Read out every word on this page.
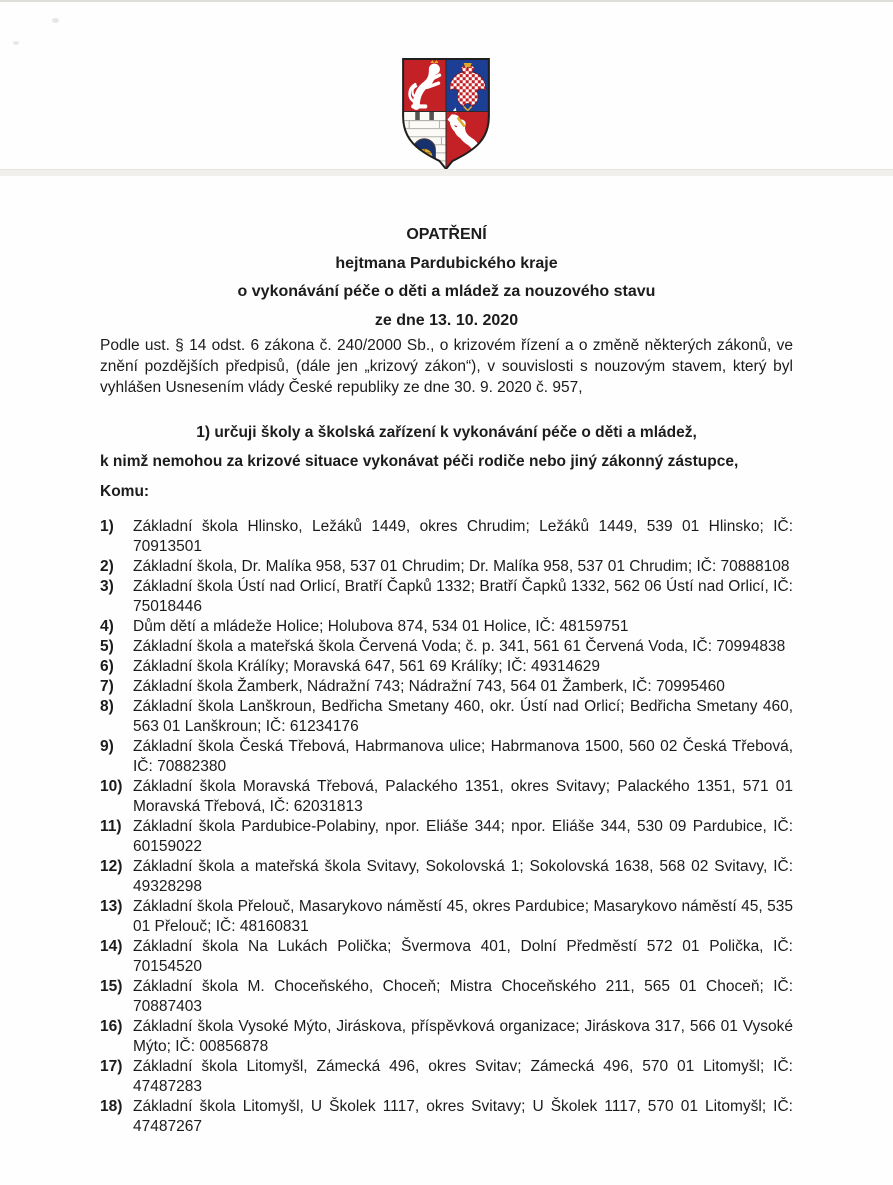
OPATŘENÍ
hejtmana Pardubického kraje
o vykonávání péče o děti a mládež za nouzového stavu
ze dne 13. 10. 2020

Podle ust. § 14 odst. 6 zákona č. 240/2000 Sb., o krizovém řízení a o změně některých zákonů, ve znění pozdějších předpisů, (dále jen „krizový zákon“), v souvislosti s nouzovým stavem, který byl vyhlášen Usnesením vlády České republiky ze dne 30. 9. 2020 č. 957,

1) určuji školy a školská zařízení k vykonávání péče o děti a mládež,

k nimž nemohou za krizové situace vykonávat péči rodiče nebo jiný zákonný zástupce,

Komu:

1)	Základní škola Hlinsko, Ležáků 1449, okres Chrudim; Ležáků 1449, 539 01 Hlinsko; IČ: 70913501
2)	Základní škola, Dr. Malíka 958, 537 01 Chrudim; Dr. Malíka 958, 537 01 Chrudim; IČ: 70888108
3)	Základní škola Ústí nad Orlicí, Bratří Čapků 1332; Bratří Čapků 1332, 562 06 Ústí nad Orlicí, IČ: 75018446
4)	Dům dětí a mládeže Holice; Holubova 874, 534 01 Holice, IČ: 48159751
5)	Základní škola a mateřská škola Červená Voda; č. p. 341, 561 61 Červená Voda, IČ: 70994838
6)	Základní škola Králíky; Moravská 647, 561 69 Králíky; IČ: 49314629
7)	Základní škola Žamberk, Nádražní 743; Nádražní 743, 564 01 Žamberk, IČ: 70995460
8)	Základní škola Lanškroun, Bedřicha Smetany 460, okr. Ústí nad Orlicí; Bedřicha Smetany 460, 563 01 Lanškroun; IČ: 61234176
9)	Základní škola Česká Třebová, Habrmanova ulice; Habrmanova 1500, 560 02 Česká Třebová, IČ: 70882380
10) Základní škola Moravská Třebová, Palackého 1351, okres Svitavy; Palackého 1351, 571 01 Moravská Třebová, IČ: 62031813
11) Základní škola Pardubice-Polabiny, npor. Eliáše 344; npor. Eliáše 344, 530 09 Pardubice, IČ: 60159022
12) Základní škola a mateřská škola Svitavy, Sokolovská 1; Sokolovská 1638, 568 02 Svitavy, IČ: 49328298
13) Základní škola Přelouč, Masarykovo náměstí 45, okres Pardubice; Masarykovo náměstí 45, 535 01 Přelouč; IČ: 48160831
14) Základní škola Na Lukách Polička; Švermova 401, Dolní Předměstí 572 01 Polička, IČ: 70154520
15) Základní škola M. Choceňského, Choceň; Mistra Choceňského 211, 565 01 Choceň; IČ: 70887403
16) Základní škola Vysoké Mýto, Jiráskova, příspěvková organizace; Jiráskova 317, 566 01 Vysoké Mýto; IČ: 00856878
17) Základní škola Litomyšl, Zámecká 496, okres Svitav; Zámecká 496, 570 01 Litomyšl; IČ: 47487283
18) Základní škola Litomyšl, U Školek 1117, okres Svitavy; U Školek 1117, 570 01 Litomyšl; IČ: 47487267
